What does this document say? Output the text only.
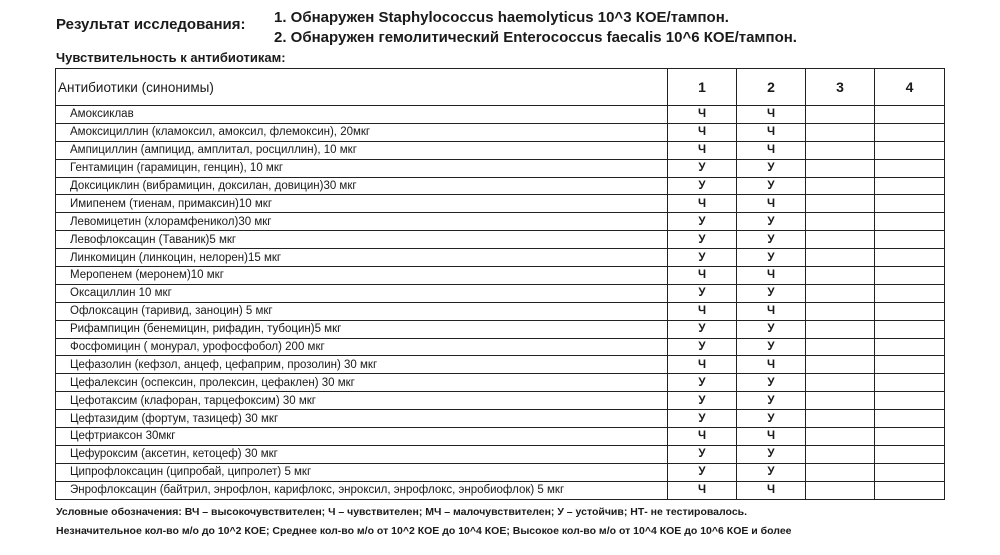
Результат исследования: 1. Обнаружен Staphylococcus haemolyticus 10^3 КОЕ/тампон.
2. Обнаружен гемолитический Enterococcus faecalis 10^6 КОЕ/тампон.
Чувствительность к антибиотикам:
Антибиотики (синонимы)	1	2	3	4
Амоксиклав	Ч	Ч		
Амоксициллин (кламоксил, амоксил, флемоксин), 20мкг	Ч	Ч		
Ампициллин (ампицид, амплитал, росциллин), 10 мкг	Ч	Ч		
Гентамицин (гарамицин, генцин), 10 мкг	У	У		
Доксициклин (вибрамицин, доксилан, довицин)30 мкг	У	У		
Имипенем (тиенам, примаксин)10 мкг	Ч	Ч		
Левомицетин (хлорамфеникол)30 мкг	У	У		
Левофлоксацин (Таваник)5 мкг	У	У		
Линкомицин (линкоцин, нелорен)15 мкг	У	У		
Меропенем (меронем)10 мкг	Ч	Ч		
Оксациллин 10 мкг	У	У		
Офлоксацин (таривид, заноцин) 5 мкг	Ч	Ч		
Рифампицин (бенемицин, рифадин, тубоцин)5 мкг	У	У		
Фосфомицин ( монурал, урофосфобол) 200 мкг	У	У		
Цефазолин (кефзол, анцеф, цефаприм, прозолин) 30 мкг	Ч	Ч		
Цефалексин (оспексин, пролексин, цефаклен) 30 мкг	У	У		
Цефотаксим (клафоран, тарцефоксим) 30 мкг	У	У		
Цефтазидим (фортум, тазицеф) 30 мкг	У	У		
Цефтриаксон 30мкг	Ч	Ч		
Цефуроксим (аксетин, кетоцеф) 30 мкг	У	У		
Ципрофлоксацин (ципробай, ципролет) 5 мкг	У	У		
Энрофлоксацин (байтрил, энрофлон, карифлокс, энроксил, энрофлокс, энробиофлок) 5 мкг	Ч	Ч		
Условные обозначения: ВЧ – высокочувствителен; Ч – чувствителен; МЧ – малочувствителен; У – устойчив; НТ- не тестировалось.
Незначительное кол-во м/о до 10^2 КОЕ; Среднее кол-во м/о от 10^2 КОЕ до 10^4 КОЕ; Высокое кол-во м/о от 10^4 КОЕ до 10^6 КОЕ и более
